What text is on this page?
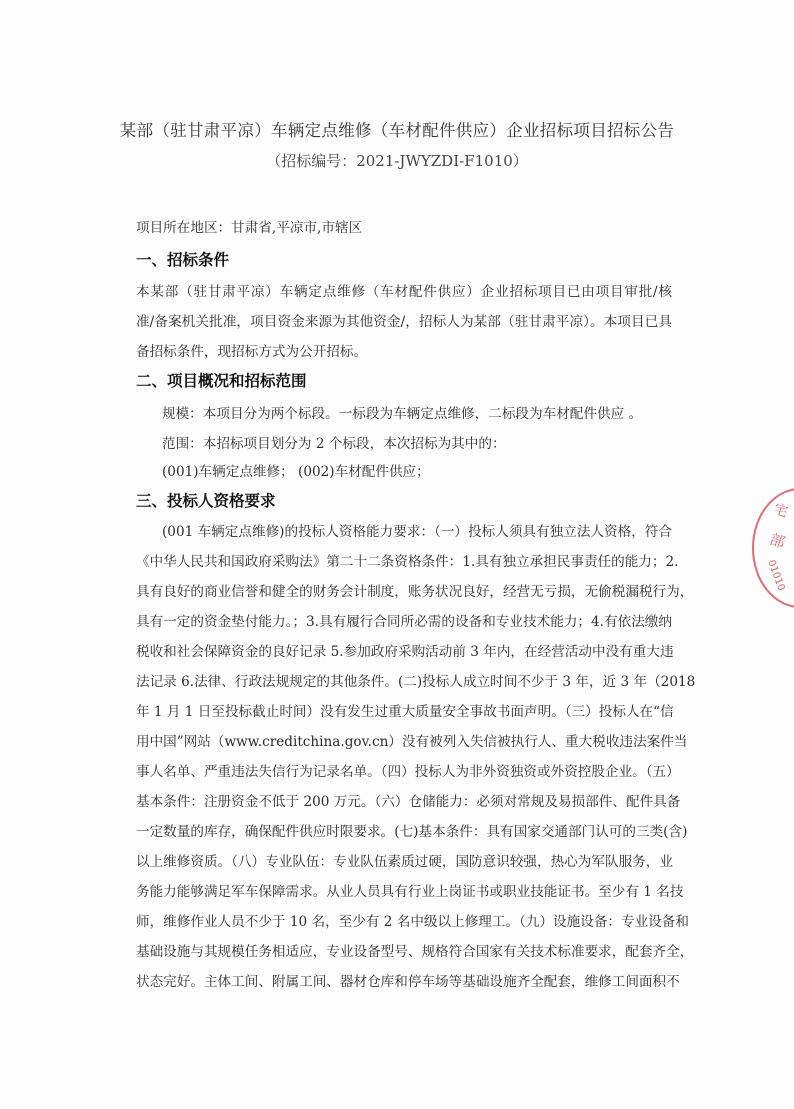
某部（驻甘肃平凉）车辆定点维修（车材配件供应）企业招标项目招标公告
（招标编号：2021-JWYZDI-F1010）
项目所在地区：甘肃省,平凉市,市辖区
一、招标条件
本某部（驻甘肃平凉）车辆定点维修（车材配件供应）企业招标项目已由项目审批/核
准/备案机关批准，项目资金来源为其他资金/，招标人为某部（驻甘肃平凉）。本项目已具
备招标条件，现招标方式为公开招标。
二、项目概况和招标范围
规模：本项目分为两个标段。一标段为车辆定点维修，二标段为车材配件供应 。
范围：本招标项目划分为 2 个标段，本次招标为其中的：
(001)车辆定点维修； (002)车材配件供应；
三、投标人资格要求
(001 车辆定点维修)的投标人资格能力要求：（一）投标人须具有独立法人资格，符合
《中华人民共和国政府采购法》第二十二条资格条件：1.具有独立承担民事责任的能力；2.
具有良好的商业信誉和健全的财务会计制度，账务状况良好，经营无亏损，无偷税漏税行为，
具有一定的资金垫付能力。；3.具有履行合同所必需的设备和专业技术能力；4.有依法缴纳
税收和社会保障资金的良好记录 5.参加政府采购活动前 3 年内，在经营活动中没有重大违
法记录 6.法律、行政法规规定的其他条件。(二)投标人成立时间不少于 3 年，近 3 年（2018
年 1 月 1 日至投标截止时间）没有发生过重大质量安全事故书面声明。（三）投标人在“信
用中国”网站（www.creditchina.gov.cn）没有被列入失信被执行人、重大税收违法案件当
事人名单、严重违法失信行为记录名单。（四）投标人为非外资独资或外资控股企业。（五）
基本条件：注册资金不低于 200 万元。（六）仓储能力：必须对常规及易损部件、配件具备
一定数量的库存，确保配件供应时限要求。(七)基本条件：具有国家交通部门认可的三类(含)
以上维修资质。（八）专业队伍：专业队伍素质过硬，国防意识较强，热心为军队服务，业
务能力能够满足军车保障需求。从业人员具有行业上岗证书或职业技能证书。至少有 1 名技
师，维修作业人员不少于 10 名，至少有 2 名中级以上修理工。（九）设施设备：专业设备和
基础设施与其规模任务相适应，专业设备型号、规格符合国家有关技术标准要求，配套齐全，
状态完好。主体工间、附属工间、器材仓库和停车场等基础设施齐全配套，维修工间面积不
宅
部
01010
